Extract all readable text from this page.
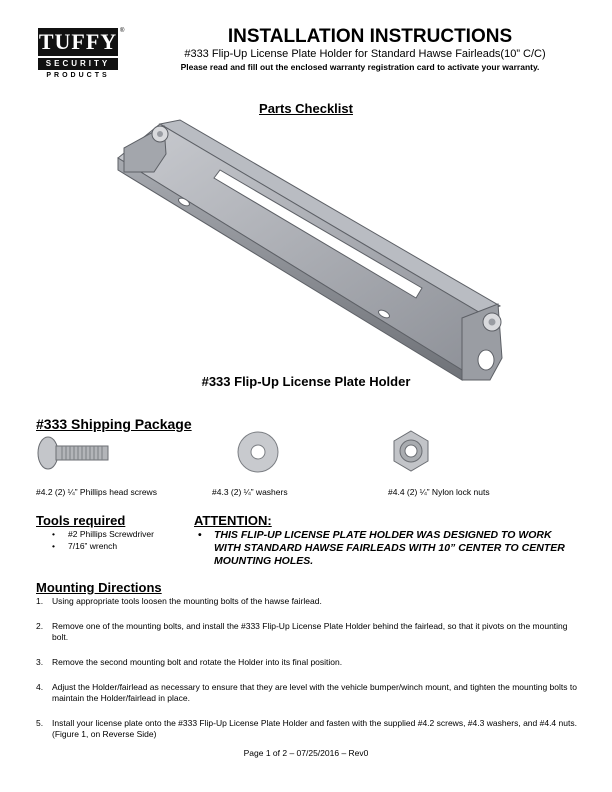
TUFFY
SECURITY
PRODUCTS
®	INSTALLATION INSTRUCTIONS
#333 Flip-Up License Plate Holder for Standard Hawse Fairleads(10” C/C)
Please read and fill out the enclosed warranty registration card to activate your warranty.
Parts Checklist
#333 Flip-Up License Plate Holder
#333 Shipping Package
#4.2 (2) ¼” Phillips head screws	#4.3 (2) ¼” washers	#4.4 (2) ¼” Nylon lock nuts
Tools required
• #2 Phillips Screwdriver
• 7/16” wrench
ATTENTION:
•	THIS FLIP-UP LICENSE PLATE HOLDER WAS DESIGNED TO WORK WITH STANDARD HAWSE FAIRLEADS WITH 10” CENTER TO CENTER MOUNTING HOLES.
Mounting Directions
1. Using appropriate tools loosen the mounting bolts of the hawse fairlead.
2. Remove one of the mounting bolts, and install the #333 Flip-Up License Plate Holder behind the fairlead, so that it pivots on the mounting bolt.
3. Remove the second mounting bolt and rotate the Holder into its final position.
4. Adjust the Holder/fairlead as necessary to ensure that they are level with the vehicle bumper/winch mount, and tighten the mounting bolts to maintain the Holder/fairlead in place.
5. Install your license plate onto the #333 Flip-Up License Plate Holder and fasten with the supplied #4.2 screws, #4.3 washers, and #4.4 nuts. (Figure 1, on Reverse Side)
Page 1 of 2 – 07/25/2016 – Rev0
